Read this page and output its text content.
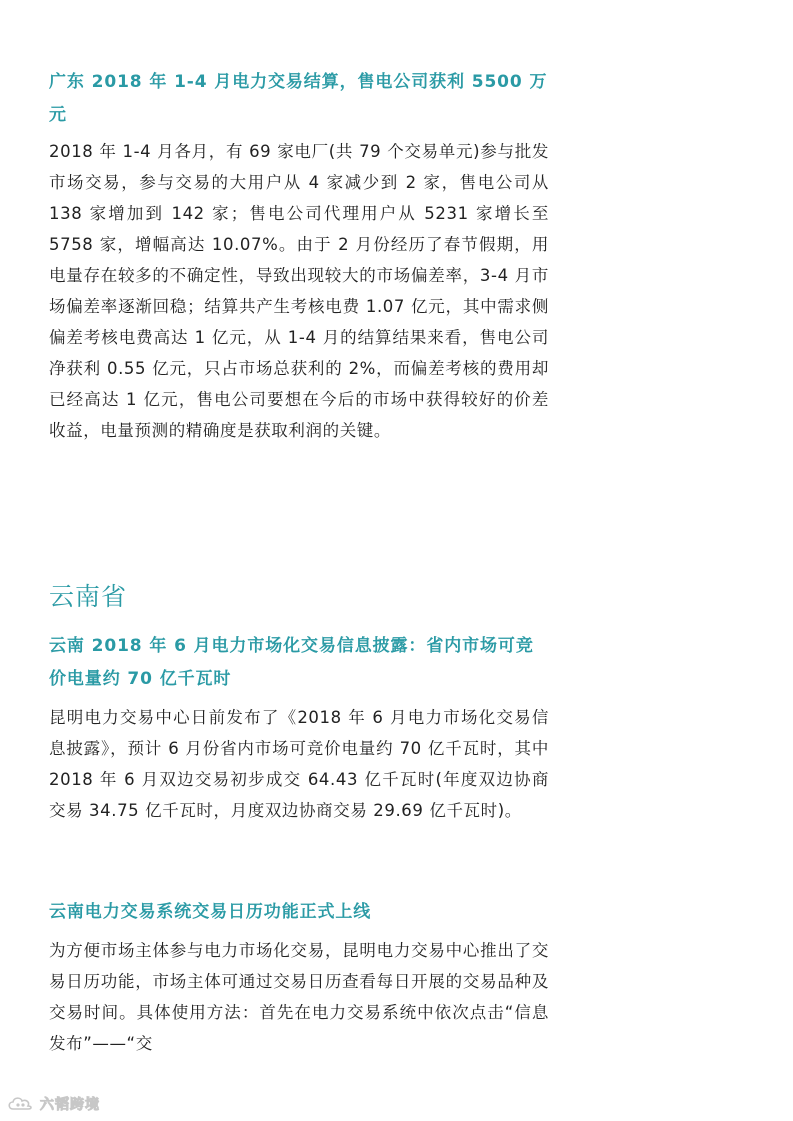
广东 2018 年 1-4 月电力交易结算，售电公司获利 5500 万元

2018 年 1-4 月各月，有 69 家电厂(共 79 个交易单元)参与批发市场交易，参与交易的大用户从 4 家减少到 2 家，售电公司从 138 家增加到 142 家；售电公司代理用户从 5231 家增长至 5758 家，增幅高达 10.07%。由于 2 月份经历了春节假期，用电量存在较多的不确定性，导致出现较大的市场偏差率，3-4 月市场偏差率逐渐回稳；结算共产生考核电费 1.07 亿元，其中需求侧偏差考核电费高达 1 亿元，从 1-4 月的结算结果来看，售电公司净获利 0.55 亿元，只占市场总获利的 2%，而偏差考核的费用却已经高达 1 亿元，售电公司要想在今后的市场中获得较好的价差收益，电量预测的精确度是获取利润的关键。

云南省

云南 2018 年 6 月电力市场化交易信息披露：省内市场可竞价电量约 70 亿千瓦时

昆明电力交易中心日前发布了《2018 年 6 月电力市场化交易信息披露》，预计 6 月份省内市场可竞价电量约 70 亿千瓦时，其中 2018 年 6 月双边交易初步成交 64.43 亿千瓦时(年度双边协商交易 34.75 亿千瓦时，月度双边协商交易 29.69 亿千瓦时)。

云南电力交易系统交易日历功能正式上线

为方便市场主体参与电力市场化交易，昆明电力交易中心推出了交易日历功能，市场主体可通过交易日历查看每日开展的交易品种及交易时间。具体使用方法：首先在电力交易系统中依次点击“信息发布”——“交

六韬跨境
